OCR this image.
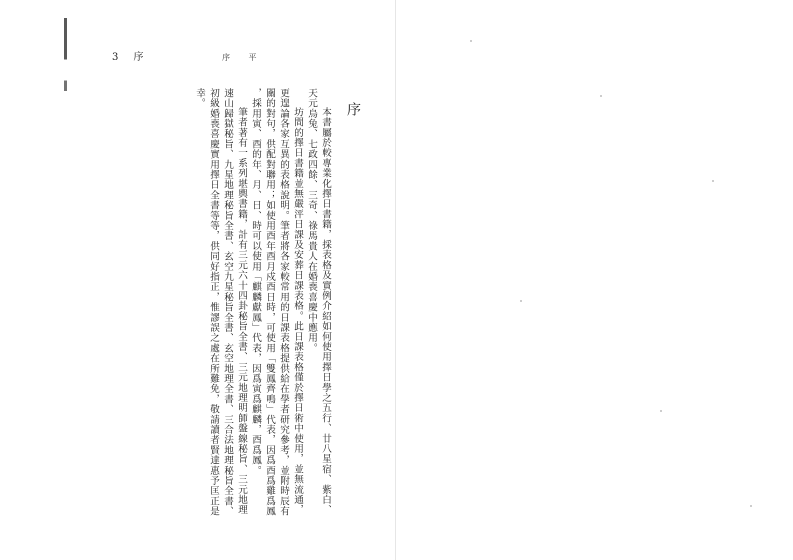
3 序	序 平
序

本書屬於較專業化擇日書籍，採表格及實例介紹如何使用擇日學之五行、廿八星宿、紫白、

天元烏兔、七政四餘、三奇、祿馬貴人在婚喪喜慶中應用。

坊間的擇日書籍並無嚴泙日課及安葬日課表格。此日課表格僅於擇日術中使用，並無流通，

更遑論各家互異的表格說明。筆者將各家較常用的日課表格提供給在學者研究參考，並附時辰有

關的對句，供配對聯用；如使用酉年酉月戍酉日時，可使用「雙鳳齊鳴」代表，因爲酉爲雞爲鳳

，採用寅、酉的年、月、日、時可以使用「麒麟獻鳳」代表，因爲寅爲麒麟，酉爲鳳。

筆者著有一系列堪輿書籍，計有三元六十四卦秘旨全書、三元地理明師盤線秘旨、三元地理

速山歸獄秘旨、九星地理秘旨全書、玄空九星秘旨全書、玄空地理全書、三合法地理秘旨全書、

初級婚喪喜慶實用擇日全書等等，供同好指正，惟謬誤之處在所難免，敬請讀者賢達惠予匡正是

幸。
